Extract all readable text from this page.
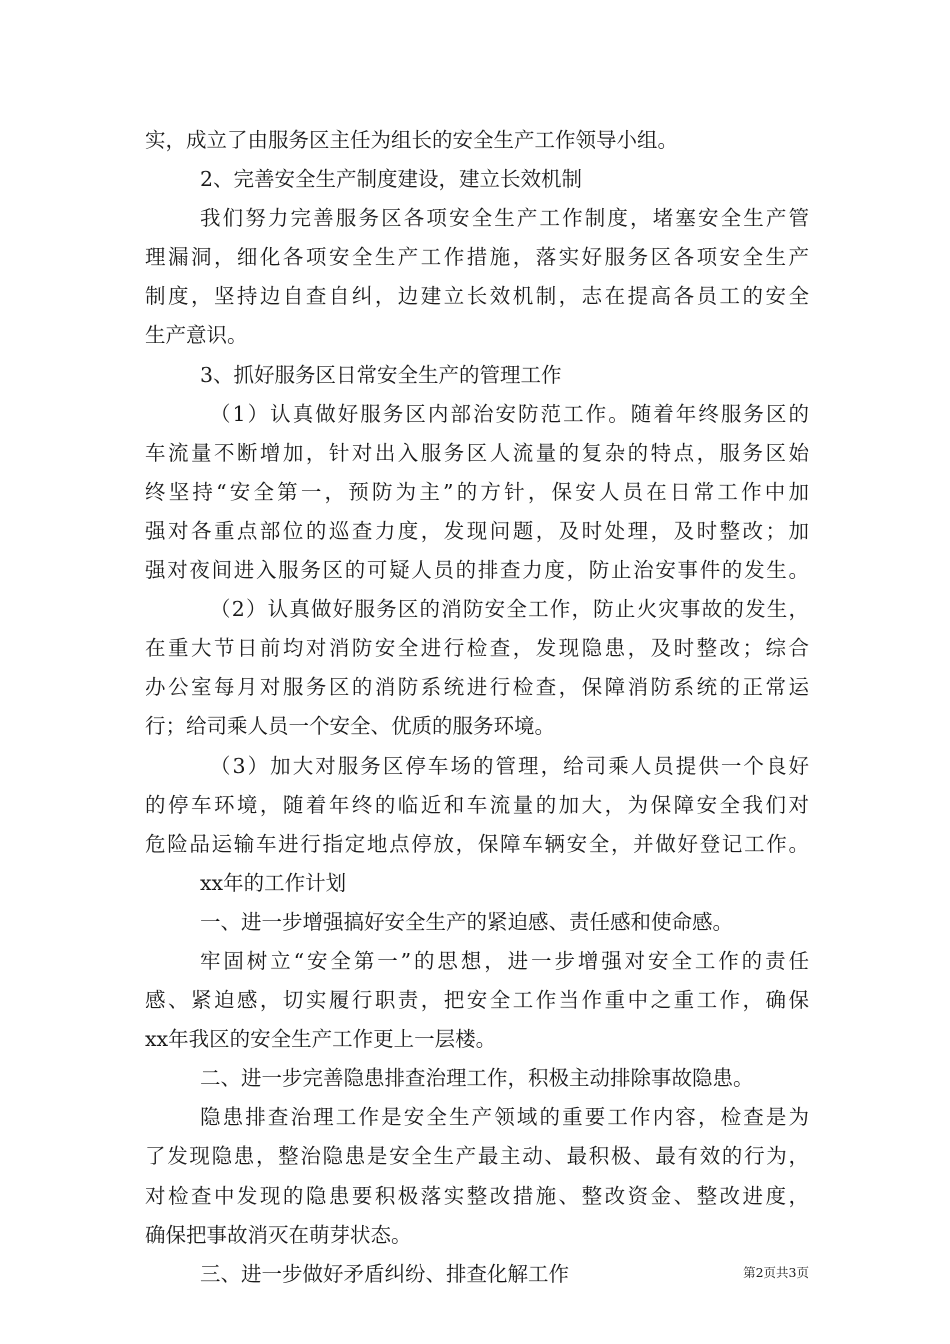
实，成立了由服务区主任为组长的安全生产工作领导小组。
2、完善安全生产制度建设，建立长效机制
我们努力完善服务区各项安全生产工作制度，堵塞安全生产管
理漏洞，细化各项安全生产工作措施，落实好服务区各项安全生产
制度，坚持边自查自纠，边建立长效机制，志在提高各员工的安全
生产意识。
3、抓好服务区日常安全生产的管理工作
（1）认真做好服务区内部治安防范工作。随着年终服务区的
车流量不断增加，针对出入服务区人流量的复杂的特点，服务区始
终坚持“安全第一，预防为主”的方针，保安人员在日常工作中加
强对各重点部位的巡查力度，发现问题，及时处理，及时整改；加
强对夜间进入服务区的可疑人员的排查力度，防止治安事件的发生。
（2）认真做好服务区的消防安全工作，防止火灾事故的发生，
在重大节日前均对消防安全进行检查，发现隐患，及时整改；综合
办公室每月对服务区的消防系统进行检查，保障消防系统的正常运
行；给司乘人员一个安全、优质的服务环境。
（3）加大对服务区停车场的管理，给司乘人员提供一个良好
的停车环境，随着年终的临近和车流量的加大，为保障安全我们对
危险品运输车进行指定地点停放，保障车辆安全，并做好登记工作。
xx年的工作计划
一、进一步增强搞好安全生产的紧迫感、责任感和使命感。
牢固树立“安全第一”的思想，进一步增强对安全工作的责任
感、紧迫感，切实履行职责，把安全工作当作重中之重工作，确保
xx年我区的安全生产工作更上一层楼。
二、进一步完善隐患排查治理工作，积极主动排除事故隐患。
隐患排查治理工作是安全生产领域的重要工作内容，检查是为
了发现隐患，整治隐患是安全生产最主动、最积极、最有效的行为，
对检查中发现的隐患要积极落实整改措施、整改资金、整改进度，
确保把事故消灭在萌芽状态。
三、进一步做好矛盾纠纷、排查化解工作	第2页共3页
